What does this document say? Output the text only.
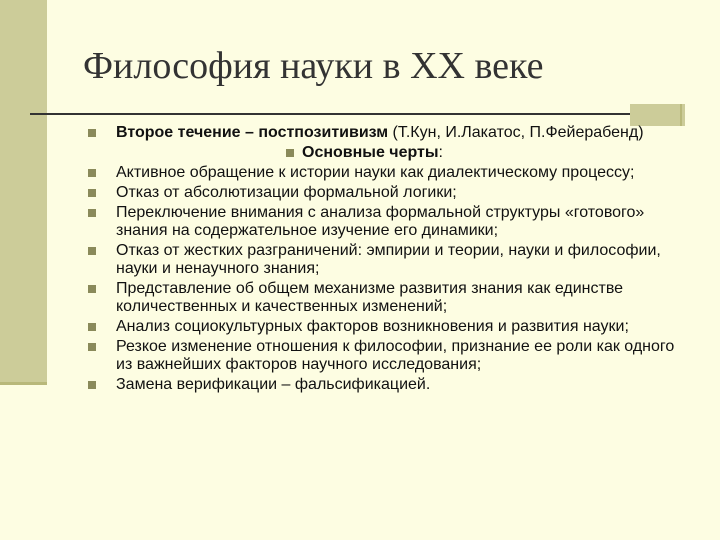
Философия науки в XX веке
Второе течение – постпозитивизм (Т.Кун, И.Лакатос, П.Фейерабенд)
Основные черты:
Активное обращение к истории науки как диалектическому процессу;
Отказ от абсолютизации формальной логики;
Переключение внимания с анализа формальной структуры «готового» знания на содержательное изучение его динамики;
Отказ от жестких разграничений: эмпирии и теории, науки и философии, науки и ненаучного знания;
Представление об общем механизме развития знания как единстве количественных и качественных изменений;
Анализ социокультурных факторов возникновения и развития науки;
Резкое изменение отношения к философии, признание ее роли как одного из важнейших факторов научного исследования;
Замена верификации – фальсификацией.
